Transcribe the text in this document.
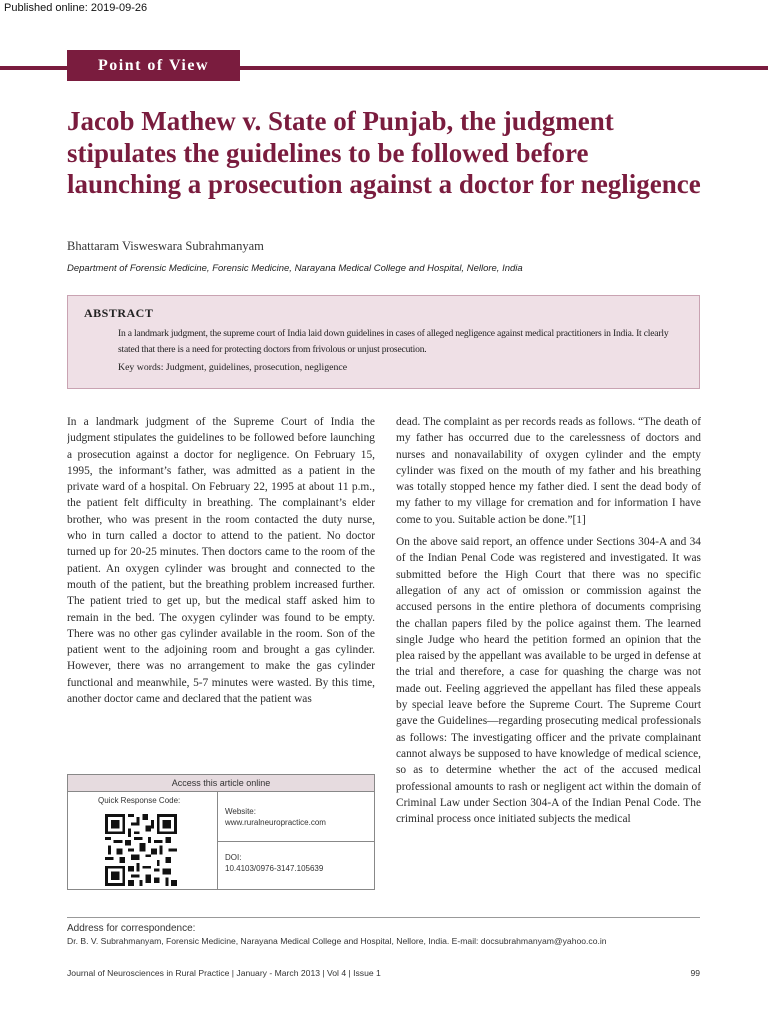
Published online: 2019-09-26
Point of View
Jacob Mathew v. State of Punjab, the judgment stipulates the guidelines to be followed before launching a prosecution against a doctor for negligence
Bhattaram Visweswara Subrahmanyam
Department of Forensic Medicine, Forensic Medicine, Narayana Medical College and Hospital, Nellore, India
ABSTRACT
In a landmark judgment, the supreme court of India laid down guidelines in cases of alleged negligence against medical practitioners in India. It clearly stated that there is a need for protecting doctors from frivolous or unjust prosecution.
Key words: Judgment, guidelines, prosecution, negligence

In a landmark judgment of the Supreme Court of India the judgment stipulates the guidelines to be followed before launching a prosecution against a doctor for negligence. On February 15, 1995, the informant’s father, was admitted as a patient in the private ward of a hospital. On February 22, 1995 at about 11 p.m., the patient felt difficulty in breathing. The complainant’s elder brother, who was present in the room contacted the duty nurse, who in turn called a doctor to attend to the patient. No doctor turned up for 20-25 minutes. Then doctors came to the room of the patient. An oxygen cylinder was brought and connected to the mouth of the patient, but the breathing problem increased further. The patient tried to get up, but the medical staff asked him to remain in the bed. The oxygen cylinder was found to be empty. There was no other gas cylinder available in the room. Son of the patient went to the adjoining room and brought a gas cylinder. However, there was no arrangement to make the gas cylinder functional and meanwhile, 5-7 minutes were wasted. By this time, another doctor came and declared that the patient was

dead. The complaint as per records reads as follows. “The death of my father has occurred due to the carelessness of doctors and nurses and nonavailability of oxygen cylinder and the empty cylinder was fixed on the mouth of my father and his breathing was totally stopped hence my father died. I sent the dead body of my father to my village for cremation and for information I have come to you. Suitable action be done.”[1]

On the above said report, an offence under Sections 304-A and 34 of the Indian Penal Code was registered and investigated. It was submitted before the High Court that there was no specific allegation of any act of omission or commission against the accused persons in the entire plethora of documents comprising the challan papers filed by the police against them. The learned single Judge who heard the petition formed an opinion that the plea raised by the appellant was available to be urged in defense at the trial and therefore, a case for quashing the charge was not made out. Feeling aggrieved the appellant has filed these appeals by special leave before the Supreme Court. The Supreme Court gave the Guidelines—regarding prosecuting medical professionals as follows: The investigating officer and the private complainant cannot always be supposed to have knowledge of medical science, so as to determine whether the act of the accused medical professional amounts to rash or negligent act within the domain of Criminal Law under Section 304-A of the Indian Penal Code. The criminal process once initiated subjects the medical

Access this article online
Quick Response Code:
Website:
www.ruralneuropractice.com
DOI:
10.4103/0976-3147.105639
Address for correspondence:
Dr. B. V. Subrahmanyam, Forensic Medicine, Narayana Medical College and Hospital, Nellore, India. E-mail: docsubrahmanyam@yahoo.co.in
Journal of Neurosciences in Rural Practice | January - March 2013 | Vol 4 | Issue 1	99
